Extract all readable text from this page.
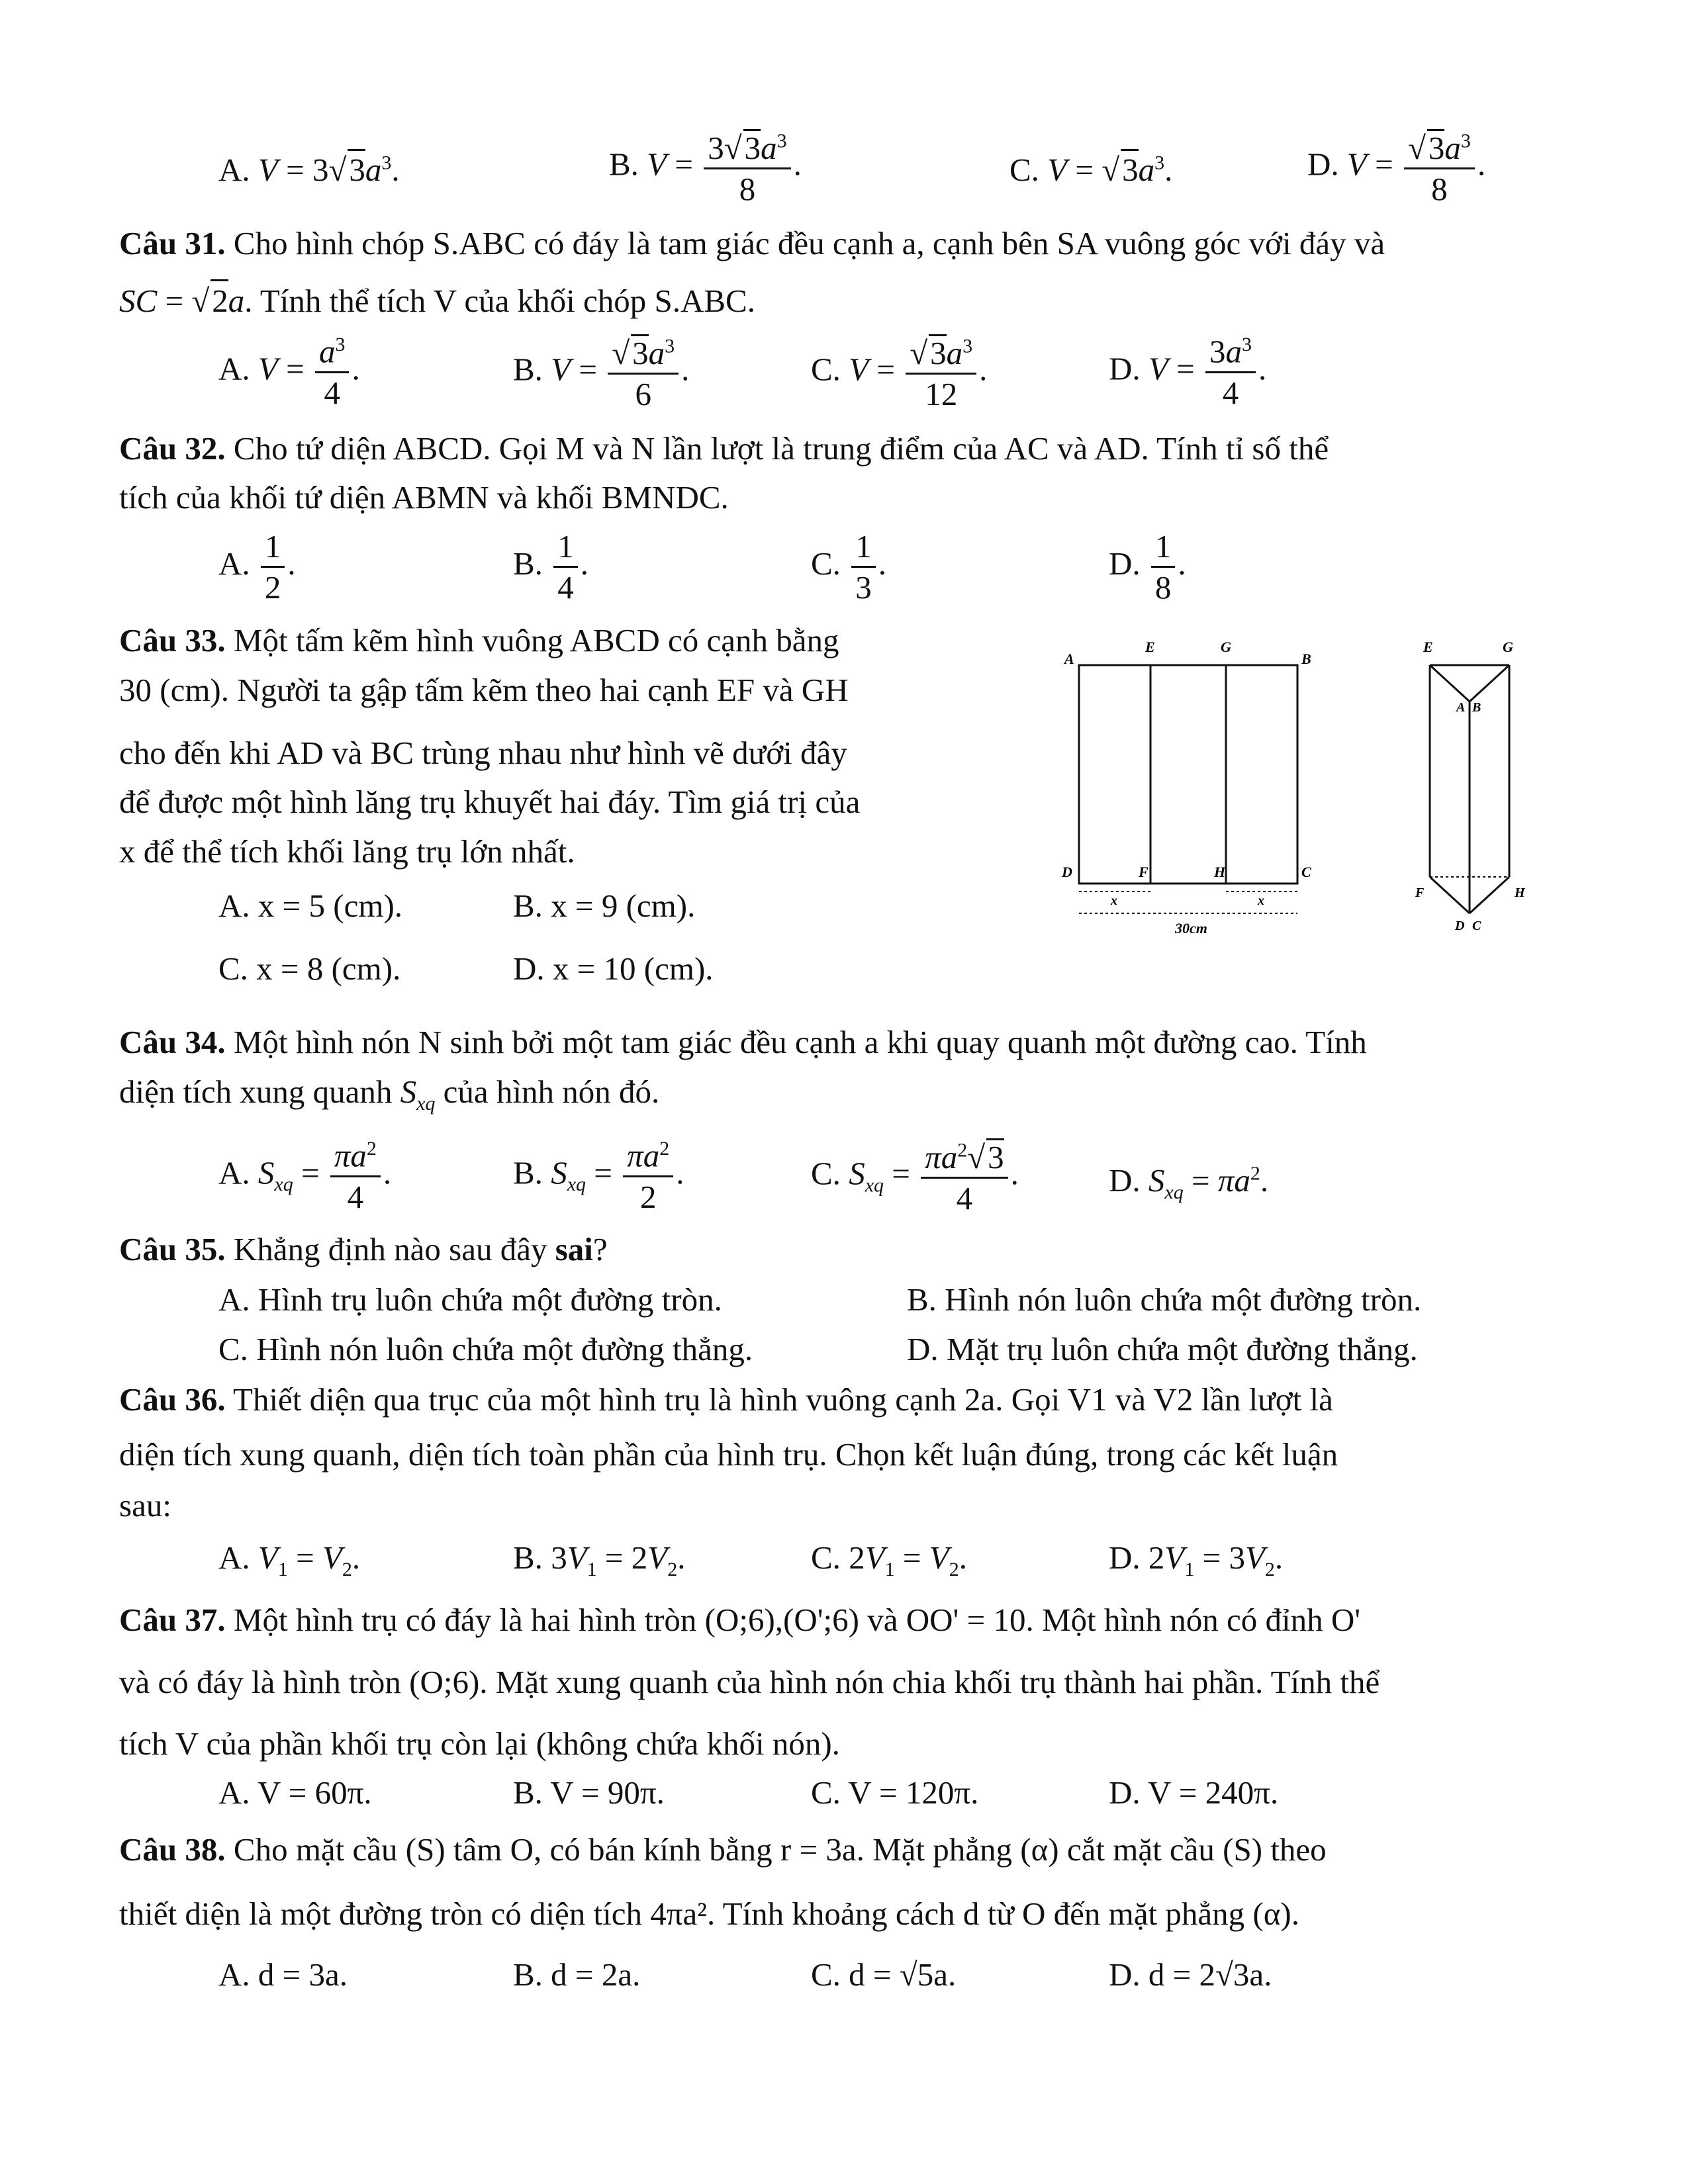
A. $V = 3√3a^3$.	B. $V = \frac{3√3a^3}{8}$ .	C. $V = √3a^3$.	D. $V = \frac{√3a^3}{8}$ .
Câu 31. Cho hình chóp S.ABC có đáy là tam giác đều cạnh a, cạnh bên SA vuông góc với đáy và
SC = √2a. Tính thể tích V của khối chóp S.ABC.
A. $V = \frac{a^3}{4}$ .	B. $V = \frac{√3a^3}{6}$ .	C. $V = \frac{√3a^3}{12}$ .	D. $V = \frac{3a^3}{4}$ .
Câu 32. Cho tứ diện ABCD. Gọi M và N lần lượt là trung điểm của AC và AD. Tính tỉ số thể
tích của khối tứ diện ABMN và khối BMNDC.
A. $\frac{1}{2}$ .	B. $\frac{1}{4}$ .	C. $\frac{1}{3}$ .	D. $\frac{1}{8}$ .
Câu 33. Một tấm kẽm hình vuông ABCD có cạnh bằng
30 (cm). Người ta gập tấm kẽm theo hai cạnh EF và GH
cho đến khi AD và BC trùng nhau như hình vẽ dưới đây
để được một hình lăng trụ khuyết hai đáy. Tìm giá trị của
x để thể tích khối lăng trụ lớn nhất.
A. x = 5 (cm).	B. x = 9 (cm).
C. x = 8 (cm).	D. x = 10 (cm).
A
E	G
B
D	F	H	C
x	x
30cm
E	G
A B
F	H
D C
Câu 34. Một hình nón N sinh bởi một tam giác đều cạnh a khi quay quanh một đường cao. Tính
diện tích xung quanh $S_{xq}$ của hình nón đó.
A. $S_{xq} = \frac{\pi a^2}{4}$ .	B. $S_{xq} = \frac{\pi a^2}{2}$ .	C. $S_{xq} = \frac{\pi a^2√3}{4}$ .	D. $S_{xq} = \pi a^2$.
Câu 35. Khẳng định nào sau đây sai?
A. Hình trụ luôn chứa một đường tròn.	B. Hình nón luôn chứa một đường tròn.
C. Hình nón luôn chứa một đường thẳng.	D. Mặt trụ luôn chứa một đường thẳng.
Câu 36. Thiết diện qua trục của một hình trụ là hình vuông cạnh 2a. Gọi V1 và V2 lần lượt là
diện tích xung quanh, diện tích toàn phần của hình trụ. Chọn kết luận đúng, trong các kết luận
sau:
A. $V_1 = V_2$.	B. $3V_1 = 2V_2$.	C. $2V_1 = V_2$.	D. $2V_1 = 3V_2$.
Câu 37. Một hình trụ có đáy là hai hình tròn (O;6),(O';6) và OO' = 10. Một hình nón có đỉnh O'
và có đáy là hình tròn (O;6). Mặt xung quanh của hình nón chia khối trụ thành hai phần. Tính thể
tích V của phần khối trụ còn lại (không chứa khối nón).
A. V = 60π.	B. V = 90π.	C. V = 120π.	D. V = 240π.
Câu 38. Cho mặt cầu (S) tâm O, có bán kính bằng r = 3a. Mặt phẳng (α) cắt mặt cầu (S) theo
thiết diện là một đường tròn có diện tích 4πa². Tính khoảng cách d từ O đến mặt phẳng (α).
A. d = 3a.	B. d = 2a.	C. d = √5a.	D. d = 2√3a.
